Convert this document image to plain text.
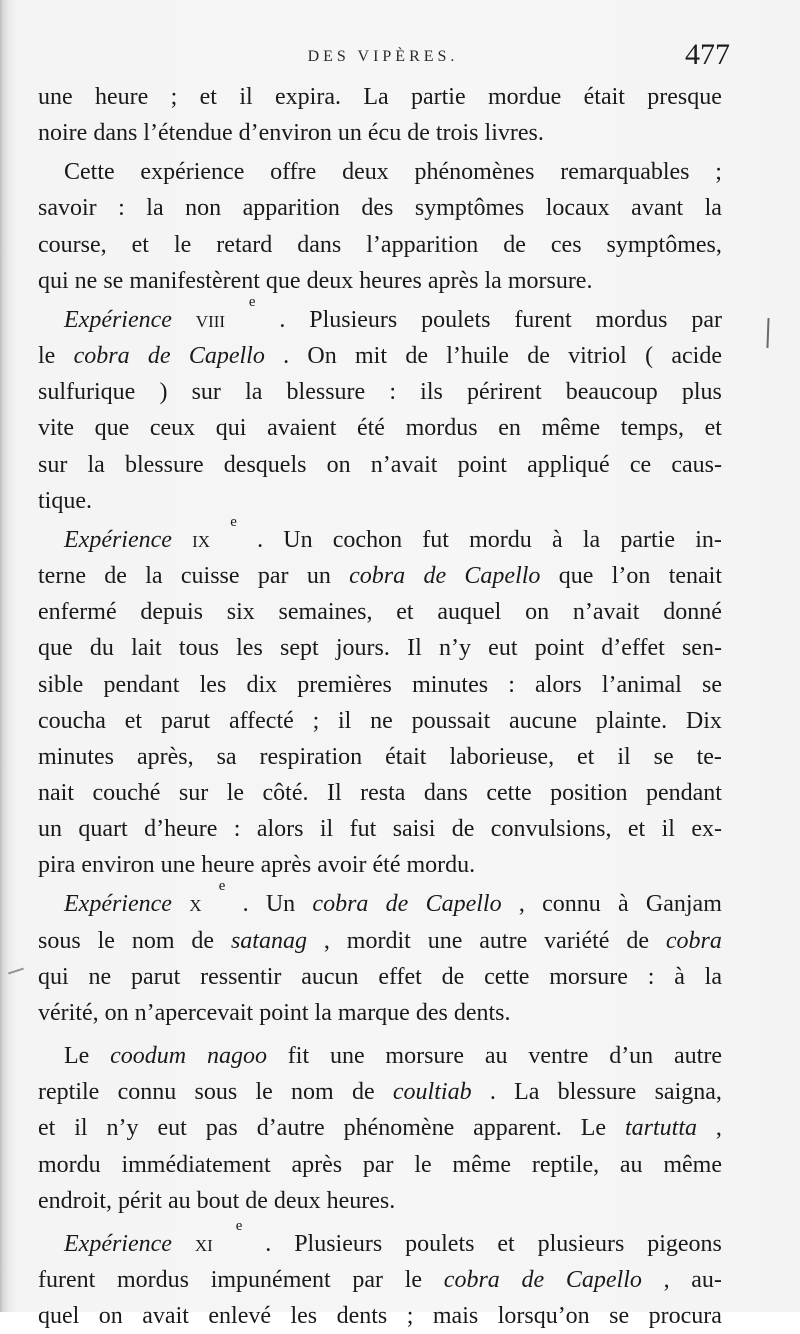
DES VIPÈRES.	477
une heure ; et il expira. La partie mordue était presque
noire dans l’étendue d’environ un écu de trois livres.
Cette expérience offre deux phénomènes remarquables ;
savoir : la non apparition des symptômes locaux avant la
course, et le retard dans l’apparition de ces symptômes,
qui ne se manifestèrent que deux heures après la morsure.
Expérience viii
e
. Plusieurs poulets furent mordus par
le cobra de Capello . On mit de l’huile de vitriol ( acide
sulfurique ) sur la blessure : ils périrent beaucoup plus
vite que ceux qui avaient été mordus en même temps, et
sur la blessure desquels on n’avait point appliqué ce caus-
tique.
Expérience ix
e
. Un cochon fut mordu à la partie in-
terne de la cuisse par un cobra de Capello que l’on tenait
enfermé depuis six semaines, et auquel on n’avait donné
que du lait tous les sept jours. Il n’y eut point d’effet sen-
sible pendant les dix premières minutes : alors l’animal se
coucha et parut affecté ; il ne poussait aucune plainte. Dix
minutes après, sa respiration était laborieuse, et il se te-
nait couché sur le côté. Il resta dans cette position pendant
un quart d’heure : alors il fut saisi de convulsions, et il ex-
pira environ une heure après avoir été mordu.
Expérience x
e
. Un cobra de Capello , connu à Ganjam
sous le nom de satanag , mordit une autre variété de cobra
qui ne parut ressentir aucun effet de cette morsure : à la
vérité, on n’apercevait point la marque des dents.
Le coodum nagoo fit une morsure au ventre d’un autre
reptile connu sous le nom de coultiab . La blessure saigna,
et il n’y eut pas d’autre phénomène apparent. Le tartutta ,
mordu immédiatement après par le même reptile, au même
endroit, périt au bout de deux heures.
Expérience xi
e
. Plusieurs poulets et plusieurs pigeons
furent mordus impunément par le cobra de Capello , au-
quel on avait enlevé les dents ; mais lorsqu’on se procura
